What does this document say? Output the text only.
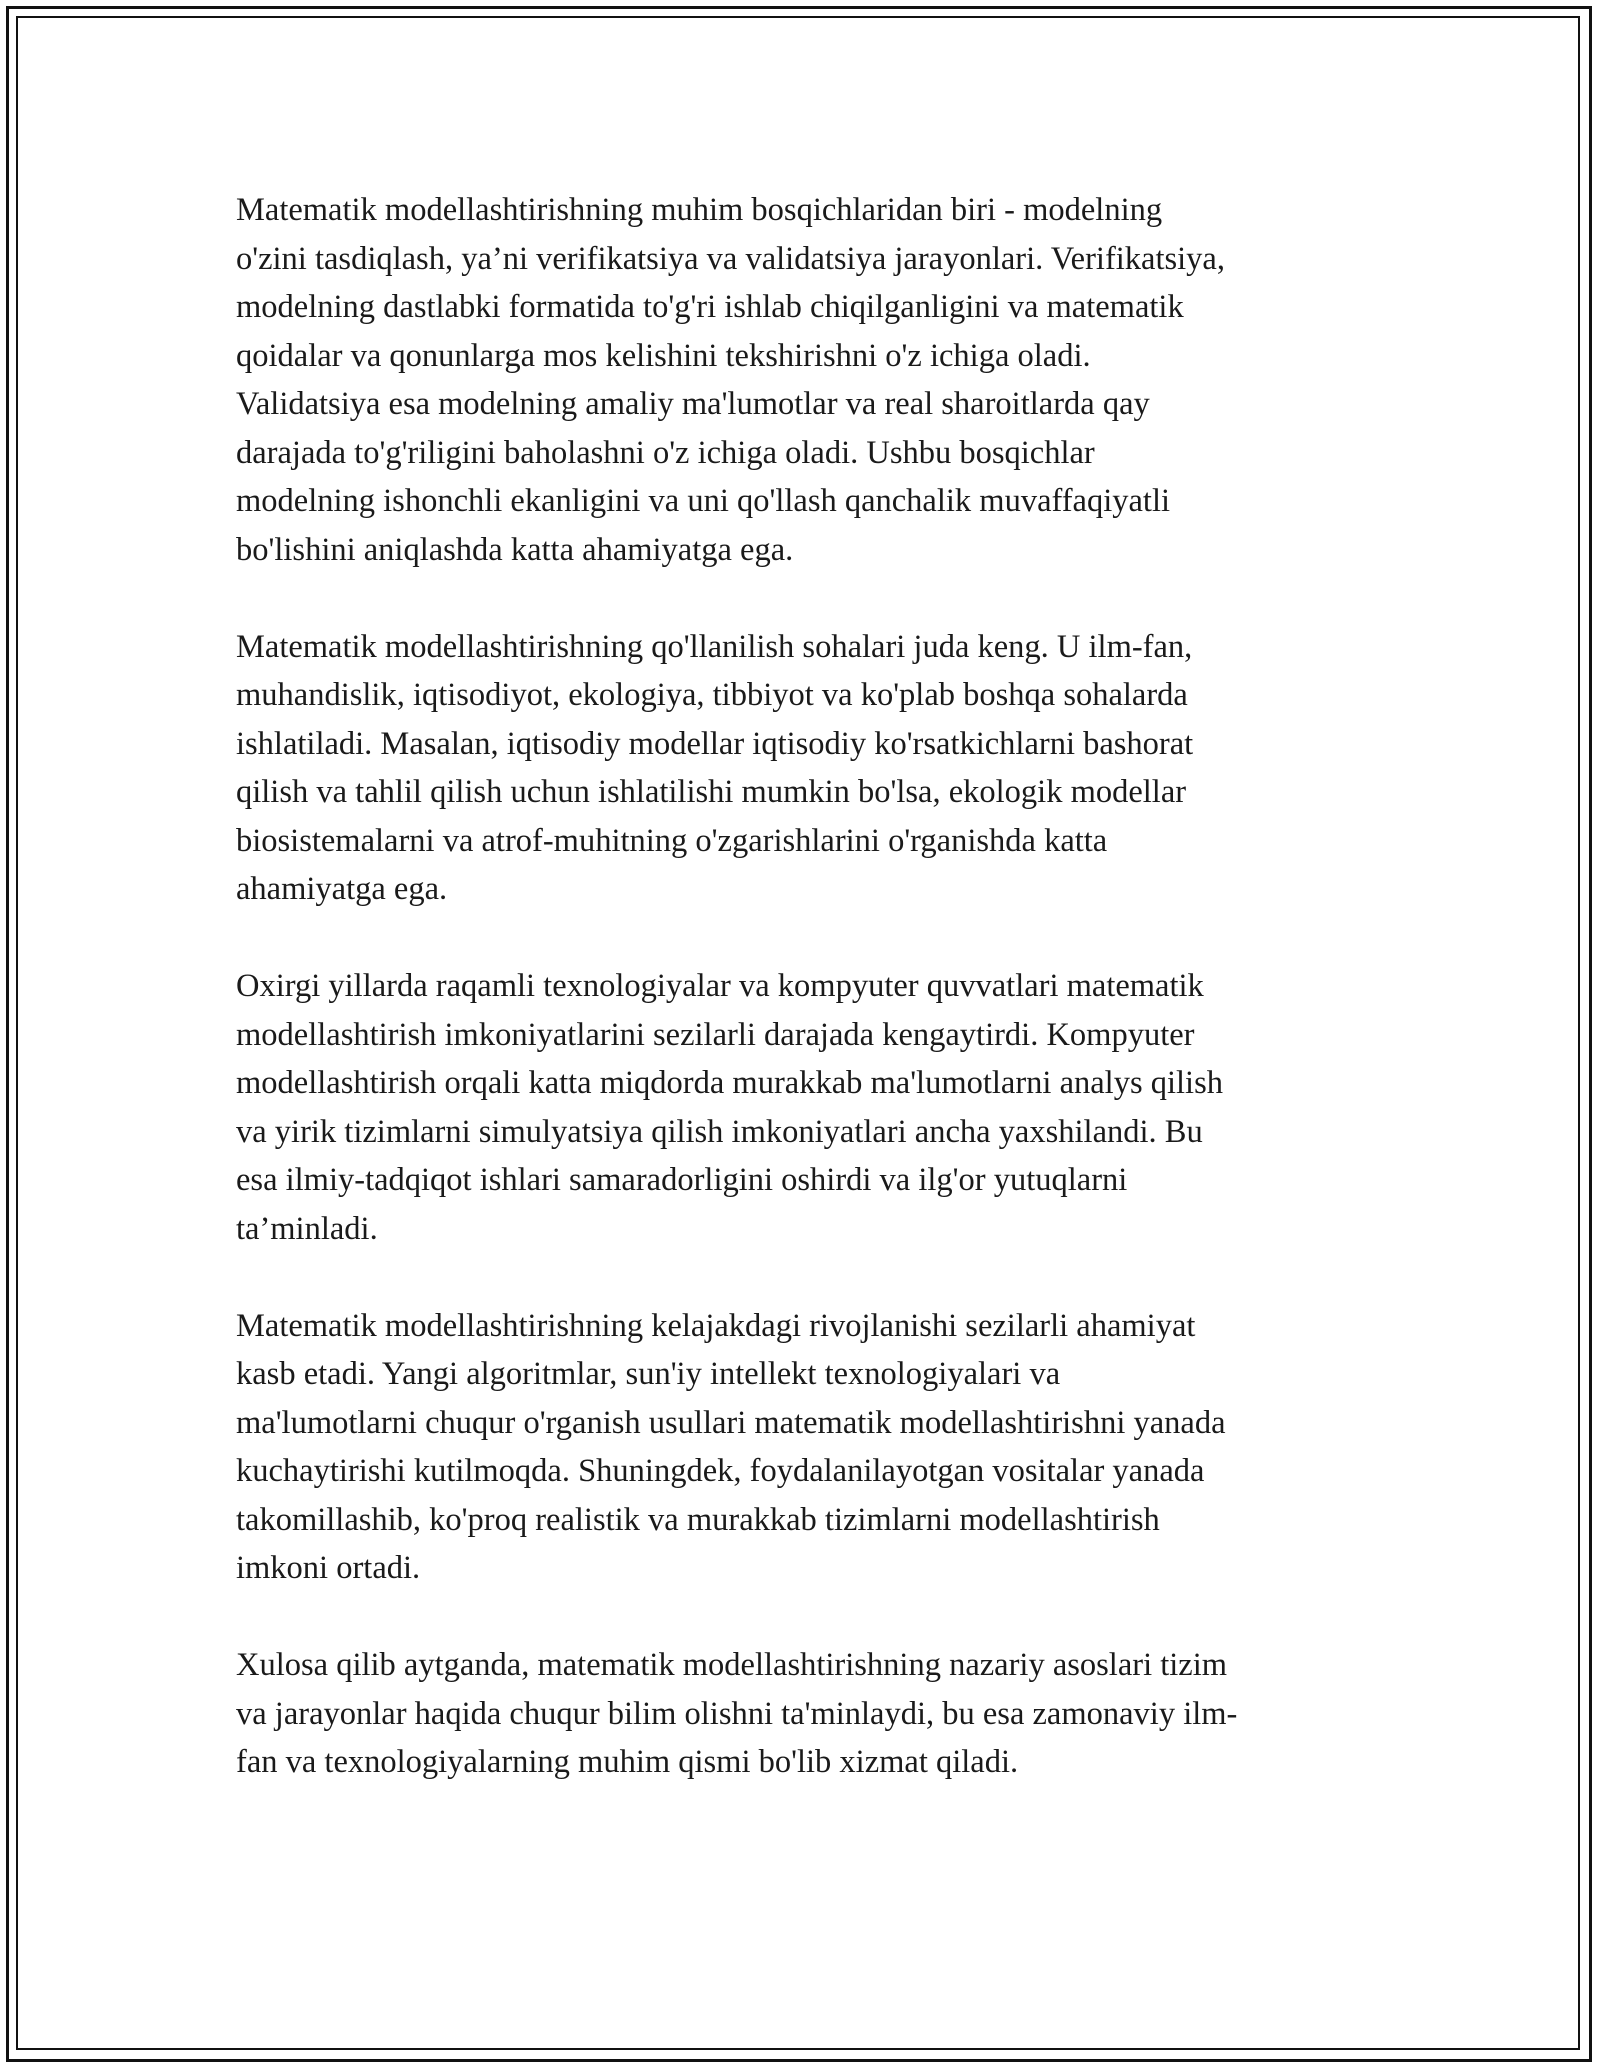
Matematik modellashtirishning muhim bosqichlaridan biri - modelning
o'zini tasdiqlash, ya’ni verifikatsiya va validatsiya jarayonlari. Verifikatsiya,
modelning dastlabki formatida to'g'ri ishlab chiqilganligini va matematik
qoidalar va qonunlarga mos kelishini tekshirishni o'z ichiga oladi.
Validatsiya esa modelning amaliy ma'lumotlar va real sharoitlarda qay
darajada to'g'riligini baholashni o'z ichiga oladi. Ushbu bosqichlar
modelning ishonchli ekanligini va uni qo'llash qanchalik muvaffaqiyatli
bo'lishini aniqlashda katta ahamiyatga ega.

Matematik modellashtirishning qo'llanilish sohalari juda keng. U ilm-fan,
muhandislik, iqtisodiyot, ekologiya, tibbiyot va ko'plab boshqa sohalarda
ishlatiladi. Masalan, iqtisodiy modellar iqtisodiy ko'rsatkichlarni bashorat
qilish va tahlil qilish uchun ishlatilishi mumkin bo'lsa, ekologik modellar
biosistemalarni va atrof-muhitning o'zgarishlarini o'rganishda katta
ahamiyatga ega.

Oxirgi yillarda raqamli texnologiyalar va kompyuter quvvatlari matematik
modellashtirish imkoniyatlarini sezilarli darajada kengaytirdi. Kompyuter
modellashtirish orqali katta miqdorda murakkab ma'lumotlarni analys qilish
va yirik tizimlarni simulyatsiya qilish imkoniyatlari ancha yaxshilandi. Bu
esa ilmiy-tadqiqot ishlari samaradorligini oshirdi va ilg'or yutuqlarni
ta’minladi.

Matematik modellashtirishning kelajakdagi rivojlanishi sezilarli ahamiyat
kasb etadi. Yangi algoritmlar, sun'iy intellekt texnologiyalari va
ma'lumotlarni chuqur o'rganish usullari matematik modellashtirishni yanada
kuchaytirishi kutilmoqda. Shuningdek, foydalanilayotgan vositalar yanada
takomillashib, ko'proq realistik va murakkab tizimlarni modellashtirish
imkoni ortadi.

Xulosa qilib aytganda, matematik modellashtirishning nazariy asoslari tizim
va jarayonlar haqida chuqur bilim olishni ta'minlaydi, bu esa zamonaviy ilm-
fan va texnologiyalarning muhim qismi bo'lib xizmat qiladi.
